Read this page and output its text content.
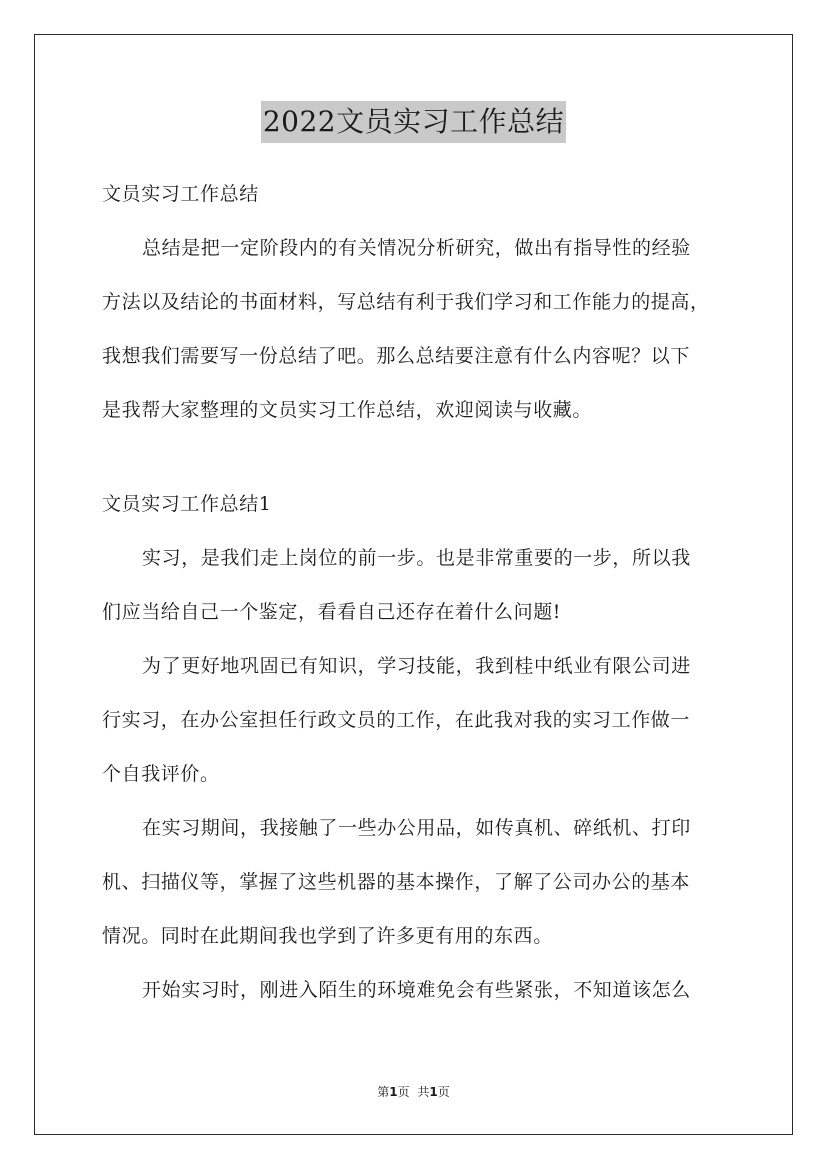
2022文员实习工作总结
文员实习工作总结
总结是把一定阶段内的有关情况分析研究，做出有指导性的经验
方法以及结论的书面材料，写总结有利于我们学习和工作能力的提高，
我想我们需要写一份总结了吧。那么总结要注意有什么内容呢？以下
是我帮大家整理的文员实习工作总结，欢迎阅读与收藏。
文员实习工作总结1
实习，是我们走上岗位的前一步。也是非常重要的一步，所以我
们应当给自己一个鉴定，看看自己还存在着什么问题!
为了更好地巩固已有知识，学习技能，我到桂中纸业有限公司进
行实习，在办公室担任行政文员的工作，在此我对我的实习工作做一
个自我评价。
在实习期间，我接触了一些办公用品，如传真机、碎纸机、打印
机、扫描仪等，掌握了这些机器的基本操作，了解了公司办公的基本
情况。同时在此期间我也学到了许多更有用的东西。
开始实习时，刚进入陌生的环境难免会有些紧张，不知道该怎么
第1页 共1页
